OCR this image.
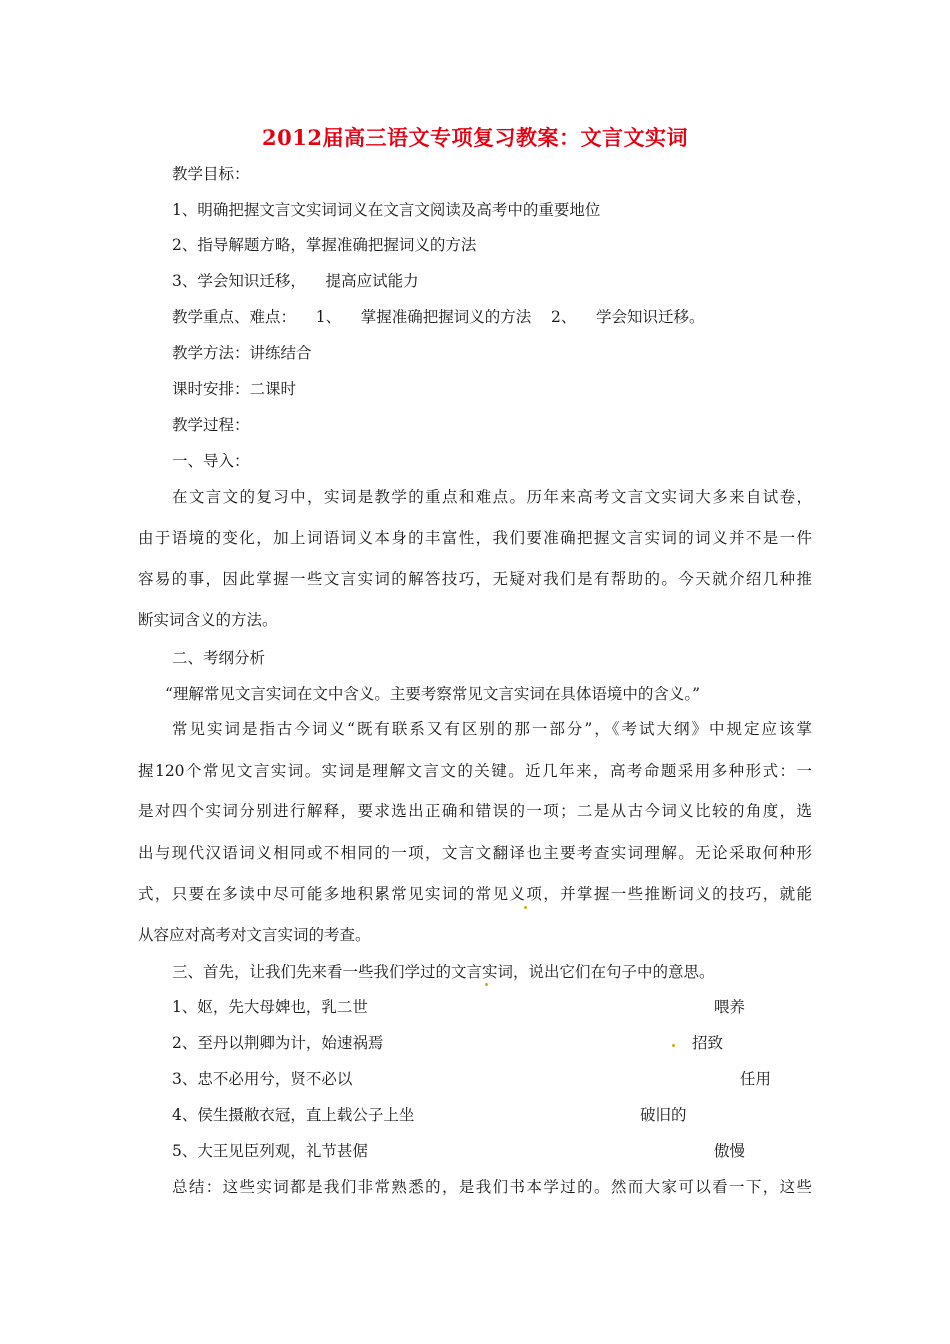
2012届高三语文专项复习教案：文言文实词
教学目标：
1、明确把握文言文实词词义在文言文阅读及高考中的重要地位
2、指导解题方略，掌握准确把握词义的方法
3、学会知识迁移，    提高应试能力
教学重点、难点：    1、    掌握准确把握词义的方法    2、    学会知识迁移。
教学方法：讲练结合
课时安排：二课时
教学过程：
一、导入：
在文言文的复习中，实词是教学的重点和难点。历年来高考文言文实词大多来自试卷，
由于语境的变化，加上词语词义本身的丰富性，我们要准确把握文言实词的词义并不是一件
容易的事，因此掌握一些文言实词的解答技巧，无疑对我们是有帮助的。今天就介绍几种推
断实词含义的方法。
二、考纲分析
“理解常见文言实词在文中含义。主要考察常见文言实词在具体语境中的含义。”
常见实词是指古今词义“既有联系又有区别的那一部分”，《考试大纲》中规定应该掌
握120个常见文言实词。实词是理解文言文的关键。近几年来，高考命题采用多种形式：一
是对四个实词分别进行解释，要求选出正确和错误的一项；二是从古今词义比较的角度，选
出与现代汉语词义相同或不相同的一项，文言文翻译也主要考查实词理解。无论采取何种形
式，只要在多读中尽可能多地积累常见实词的常见义项，并掌握一些推断词义的技巧，就能
从容应对高考对文言实词的考查。
三、首先，让我们先来看一些我们学过的文言实词，说出它们在句子中的意思。
1、妪，先大母婢也，乳二世	喂养
2、至丹以荆卿为计，始速祸焉	招致
3、忠不必用兮，贤不必以	任用
4、侯生摄敝衣冠，直上载公子上坐	破旧的
5、大王见臣列观，礼节甚倨	傲慢
总结：这些实词都是我们非常熟悉的，是我们书本学过的。然而大家可以看一下，这些
